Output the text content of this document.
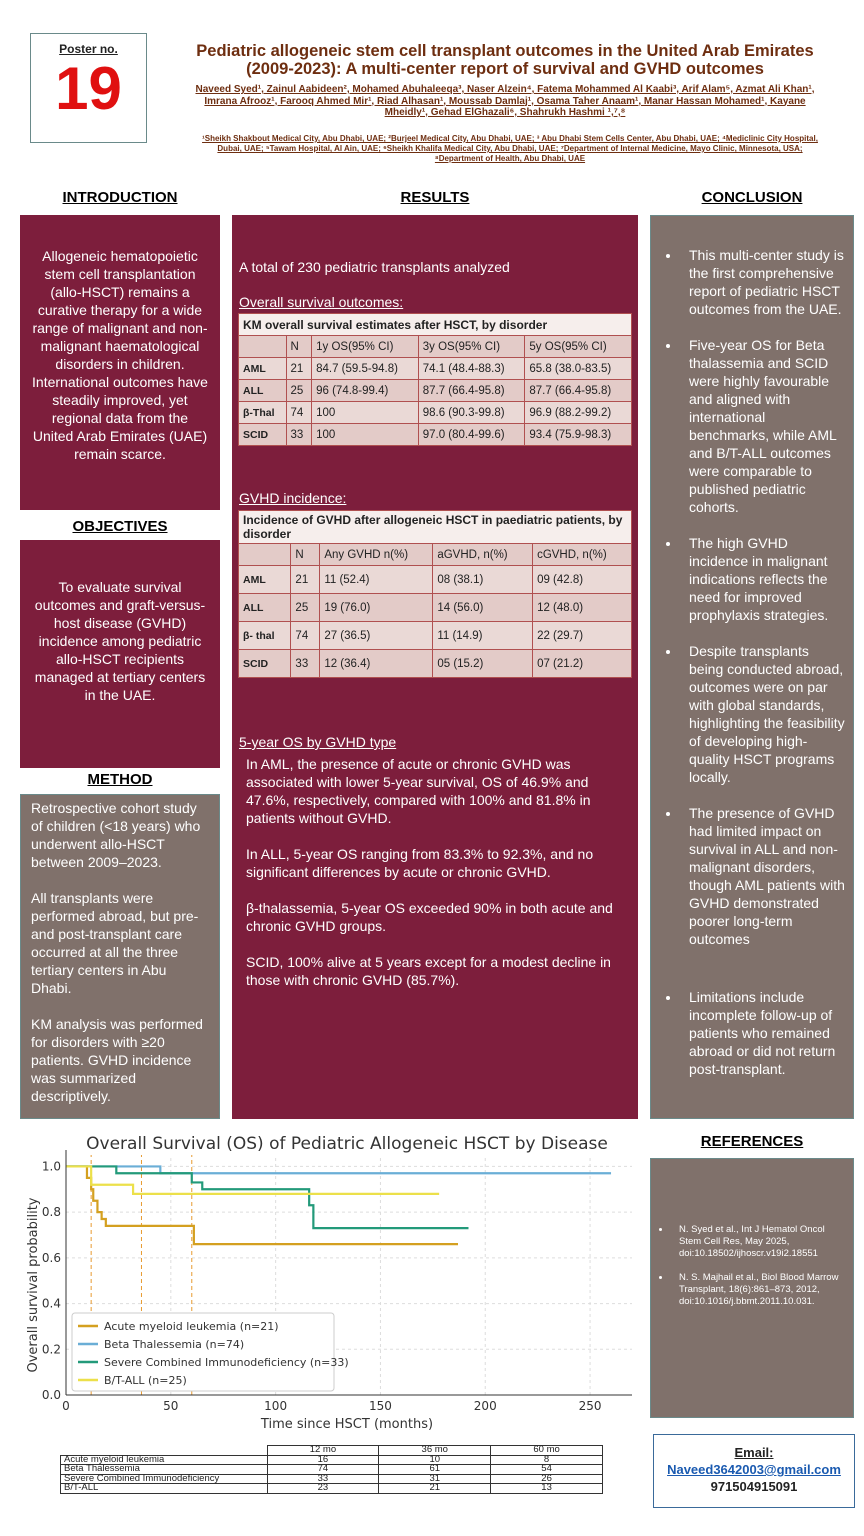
Poster no.
19
Pediatric allogeneic stem cell transplant outcomes in the United Arab Emirates
(2009-2023): A multi-center report of survival and GVHD outcomes
Naveed Syed¹, Zainul Aabideen², Mohamed Abuhaleeqa³, Naser Alzein⁴, Fatema Mohammed Al Kaabi³, Arif Alam⁵, Azmat Ali Khan¹, Imrana Afrooz¹, Farooq Ahmed Mir¹, Riad Alhasan¹, Moussab Damlaj¹, Osama Taher Anaam¹, Manar Hassan Mohamed¹, Kayane Mheidly¹, Gehad ElGhazali⁶, Shahrukh Hashmi ¹,⁷,⁸
¹Sheikh Shakbout Medical City, Abu Dhabi, UAE; ²Burjeel Medical City, Abu Dhabi, UAE; ³ Abu Dhabi Stem Cells Center, Abu Dhabi, UAE; ⁴Mediclinic City Hospital, Dubai, UAE; ⁵Tawam Hospital, Al Ain, UAE; ⁶Sheikh Khalifa Medical City, Abu Dhabi, UAE; ⁷Department of Internal Medicine, Mayo Clinic, Minnesota, USA; ⁸Department of Health, Abu Dhabi, UAE
INTRODUCTION
Allogeneic hematopoietic stem cell transplantation (allo-HSCT) remains a curative therapy for a wide range of malignant and non-malignant haematological disorders in children. International outcomes have steadily improved, yet regional data from the United Arab Emirates (UAE) remain scarce.
OBJECTIVES
To evaluate survival outcomes and graft-versus-host disease (GVHD) incidence among pediatric allo-HSCT recipients managed at tertiary centers in the UAE.
METHOD
Retrospective cohort study of children (<18 years) who underwent allo-HSCT between 2009–2023.
All transplants were performed abroad, but pre- and post-transplant care occurred at all the three tertiary centers in Abu Dhabi.
KM analysis was performed for disorders with ≥20 patients. GVHD incidence was summarized descriptively.
RESULTS
A total of 230 pediatric transplants analyzed
Overall survival outcomes:
KM overall survival estimates after HSCT, by disorder				
	N	1y OS(95% CI)	3y OS(95% CI)	5y OS(95% CI)
AML	21	84.7 (59.5-94.8)	74.1 (48.4-88.3)	65.8 (38.0-83.5)
ALL	25	96 (74.8-99.4)	87.7 (66.4-95.8)	87.7 (66.4-95.8)
β-Thal	74	100	98.6 (90.3-99.8)	96.9 (88.2-99.2)
SCID	33	100	97.0 (80.4-99.6)	93.4 (75.9-98.3)
GVHD incidence:
Incidence of GVHD after allogeneic HSCT in paediatric patients, by disorder				
	N	Any GVHD n(%)	aGVHD, n(%)	cGVHD, n(%)
AML	21	11 (52.4)	08 (38.1)	09 (42.8)
ALL	25	19 (76.0)	14 (56.0)	12 (48.0)
β- thal	74	27 (36.5)	11 (14.9)	22 (29.7)
SCID	33	12 (36.4)	05 (15.2)	07 (21.2)
5-year OS by GVHD type
In AML, the presence of acute or chronic GVHD was associated with lower 5-year survival, OS of 46.9% and 47.6%, respectively, compared with 100% and 81.8% in patients without GVHD.
In ALL, 5-year OS ranging from 83.3% to 92.3%, and no significant differences by acute or chronic GVHD.
β-thalassemia, 5-year OS exceeded 90% in both acute and chronic GVHD groups.
SCID, 100% alive at 5 years except for a modest decline in those with chronic GVHD (85.7%).
CONCLUSION
• This multi-center study is the first comprehensive report of pediatric HSCT outcomes from the UAE.
• Five-year OS for Beta thalassemia and SCID were highly favourable and aligned with international benchmarks, while AML and B/T-ALL outcomes were comparable to published pediatric cohorts.
• The high GVHD incidence in malignant indications reflects the need for improved prophylaxis strategies.
• Despite transplants being conducted abroad, outcomes were on par with global standards, highlighting the feasibility of developing high-quality HSCT programs locally.
• The presence of GVHD had limited impact on survival in ALL and non-malignant disorders, though AML patients with GVHD demonstrated poorer long-term outcomes
• Limitations include incomplete follow-up of patients who remained abroad or did not return post-transplant.
REFERENCES
• N. Syed et al., Int J Hematol Oncol Stem Cell Res, May 2025, doi:10.18502/ijhoscr.v19i2.18551
• N. S. Majhail et al., Biol Blood Marrow Transplant, 18(6):861–873, 2012, doi:10.1016/j.bbmt.2011.10.031.
Email:
Naveed3642003@gmail.com
971504915091
Overall Survival (OS) of Pediatric Allogeneic HSCT by Disease
Time since HSCT (months)
Overall survival probability
0.0
0.2
0.4
0.6
0.8
1.0
0	50	100	150	200	250
Acute myeloid leukemia (n=21)
Beta Thalessemia (n=74)
Severe Combined Immunodeficiency (n=33)
B/T-ALL (n=25)
	12 mo	36 mo	60 mo
Acute myeloid leukemia	16	10	8
Beta Thalessemia	74	61	54
Severe Combined Immunodeficiency	33	31	26
B/T-ALL	23	21	13
